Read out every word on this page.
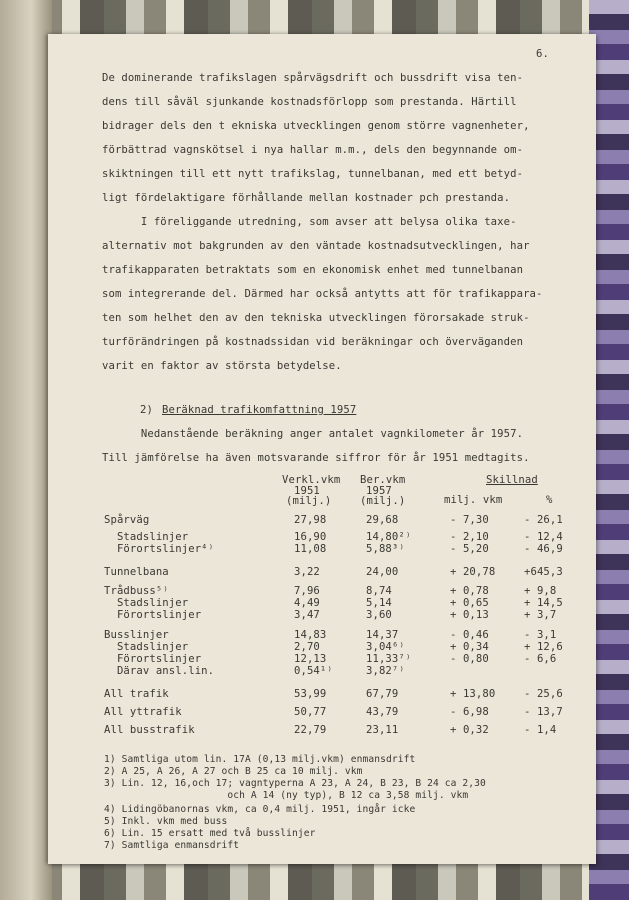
6.
De dominerande trafikslagen spårvägsdrift och bussdrift visa ten-
dens till såväl sjunkande kostnadsförlopp som prestanda. Härtill
bidrager dels den t ekniska utvecklingen genom större vagnenheter,
förbättrad vagnskötsel i nya hallar m.m., dels den begynnande om-
skiktningen till ett nytt trafikslag, tunnelbanan, med ett betyd-
ligt fördelaktigare förhållande mellan kostnader pch prestanda.
I föreliggande utredning, som avser att belysa olika taxe-
alternativ mot bakgrunden av den väntade kostnadsutvecklingen, har
trafikapparaten betraktats som en ekonomisk enhet med tunnelbanan
som integrerande del. Därmed har också antytts att för trafikappara-
ten som helhet den av den tekniska utvecklingen förorsakade struk-
turförändringen på kostnadssidan vid beräkningar och överväganden
varit en faktor av största betydelse.
2) Beräknad trafikomfattning 1957
Nedanstående beräkning anger antalet vagnkilometer år 1957.
Till jämförelse ha även motsvarande siffror för år 1951 medtagits.
Verkl.vkm
1951
(milj.)
Ber.vkm
1957
(milj.)
Skillnad
milj. vkm	%
Spårväg	27,98	29,68	- 7,30	- 26,1
Stadslinjer	16,90	14,80²⁾	- 2,10	- 12,4
Förortslinjer⁴⁾	11,08	5,88³⁾	- 5,20	- 46,9
Tunnelbana	3,22	24,00	+ 20,78	+645,3
Trådbuss⁵⁾	7,96	8,74	+ 0,78	+ 9,8
Stadslinjer	4,49	5,14	+ 0,65	+ 14,5
Förortslinjer	3,47	3,60	+ 0,13	+ 3,7
Busslinjer	14,83	14,37	- 0,46	- 3,1
Stadslinjer	2,70	3,04⁶⁾	+ 0,34	+ 12,6
Förortslinjer	12,13	11,33⁷⁾	- 0,80	- 6,6
Därav ansl.lin.	0,54¹⁾	3,82⁷⁾
All trafik	53,99	67,79	+ 13,80	- 25,6
All yttrafik	50,77	43,79	- 6,98	- 13,7
All busstrafik	22,79	23,11	+ 0,32	- 1,4
1) Samtliga utom lin. 17A (0,13 milj.vkm) enmansdrift
2) A 25, A 26, A 27 och B 25 ca 10 milj. vkm
3) Lin. 12, 16,och 17; vagntyperna A 23, A 24, B 23, B 24 ca 2,30
och A 14 (ny typ), B 12 ca 3,58 milj. vkm
4) Lidingöbanornas vkm, ca 0,4 milj. 1951, ingår icke
5) Inkl. vkm med buss
6) Lin. 15 ersatt med två busslinjer
7) Samtliga enmansdrift
